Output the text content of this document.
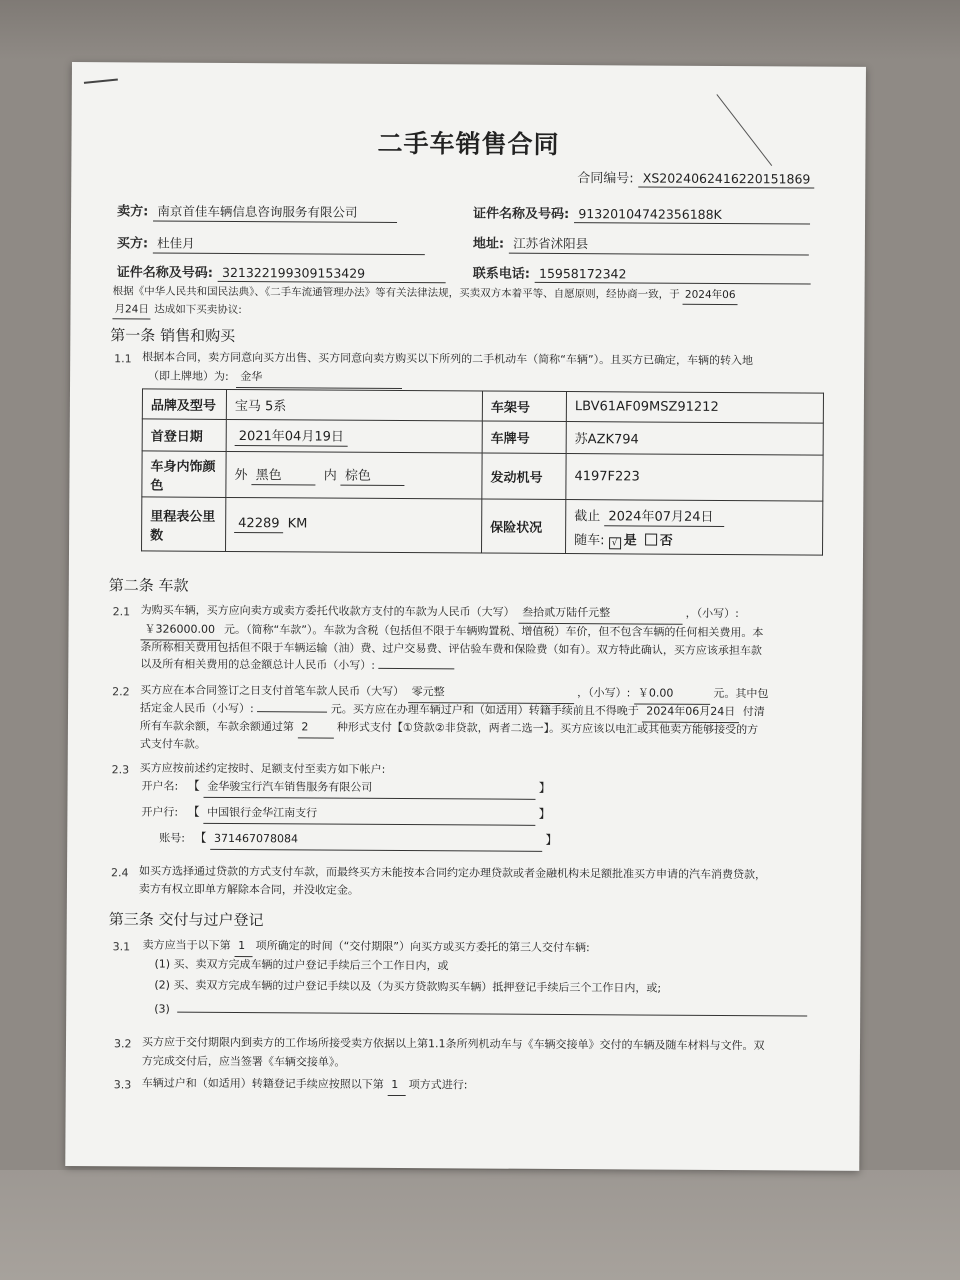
二手车销售合同
合同编号: XS2024062416220151869
卖方: 南京首佳车辆信息咨询服务有限公司	证件名称及号码: 91320104742356188K
买方: 杜佳月	地址: 江苏省沭阳县
证件名称及号码: 321322199309153429	联系电话: 15958172342
根据《中华人民共和国民法典》、《二手车流通管理办法》等有关法律法规，买卖双方本着平等、自愿原则，经协商一致，于 2024年06
月24日 达成如下买卖协议:
第一条 销售和购买
1.1 根据本合同，卖方同意向买方出售、买方同意向卖方购买以下所列的二手机动车（简称“车辆”）。且买方已确定，车辆的转入地
（即上牌地）为: 金华
品牌及型号	宝马 5系	车架号	LBV61AF09MSZ91212
首登日期	2021年04月19日	车牌号	苏AZK794
车身内饰颜色	外 黑色 内 棕色	发动机号	4197F223
里程表公里数	42289 KM	保险状况	截止 2024年07月24日
随车: √ 是 否
第二条 车款
2.1 为购买车辆，买方应向卖方或卖方委托代收款方支付的车款为人民币（大写） 叁拾贰万陆仟元整	，（小写）:
￥326000.00 元。（简称“车款”）。车款为含税（包括但不限于车辆购置税、增值税）车价，但不包含车辆的任何相关费用。本
条所称相关费用包括但不限于车辆运输（油）费、过户交易费、评估验车费和保险费（如有）。双方特此确认，买方应该承担车款
以及所有相关费用的总金额总计人民币（小写）:
2.2 买方应在本合同签订之日支付首笔车款人民币（大写） 零元整	，（小写）: ￥0.00	元。其中包
括定金人民币（小写）:	元。买方应在办理车辆过户和（如适用）转籍手续前且不得晚于 2024年06月24日 付清
所有车款余额，车款余额通过第 2	种形式支付【①贷款②非贷款，两者二选一】。买方应该以电汇或其他卖方能够接受的方
式支付车款。
2.3 买方应按前述约定按时、足额支付至卖方如下帐户:
开户名: 【 金华骏宝行汽车销售服务有限公司	】
开户行: 【 中国银行金华江南支行	】
账号: 【 371467078084	】
2.4 如买方选择通过贷款的方式支付车款，而最终买方未能按本合同约定办理贷款或者金融机构未足额批准买方申请的汽车消费贷款，
卖方有权立即单方解除本合同，并没收定金。
第三条 交付与过户登记
3.1 卖方应当于以下第 1 项所确定的时间（“交付期限”）向买方或买方委托的第三人交付车辆:
(1) 买、卖双方完成车辆的过户登记手续后三个工作日内，或
(2) 买、卖双方完成车辆的过户登记手续以及（为买方贷款购买车辆）抵押登记手续后三个工作日内，或;
(3)
3.2 买方应于交付期限内到卖方的工作场所接受卖方依据以上第1.1条所列机动车与《车辆交接单》交付的车辆及随车材料与文件。双
方完成交付后，应当签署《车辆交接单》。
3.3 车辆过户和（如适用）转籍登记手续应按照以下第 1 项方式进行:
